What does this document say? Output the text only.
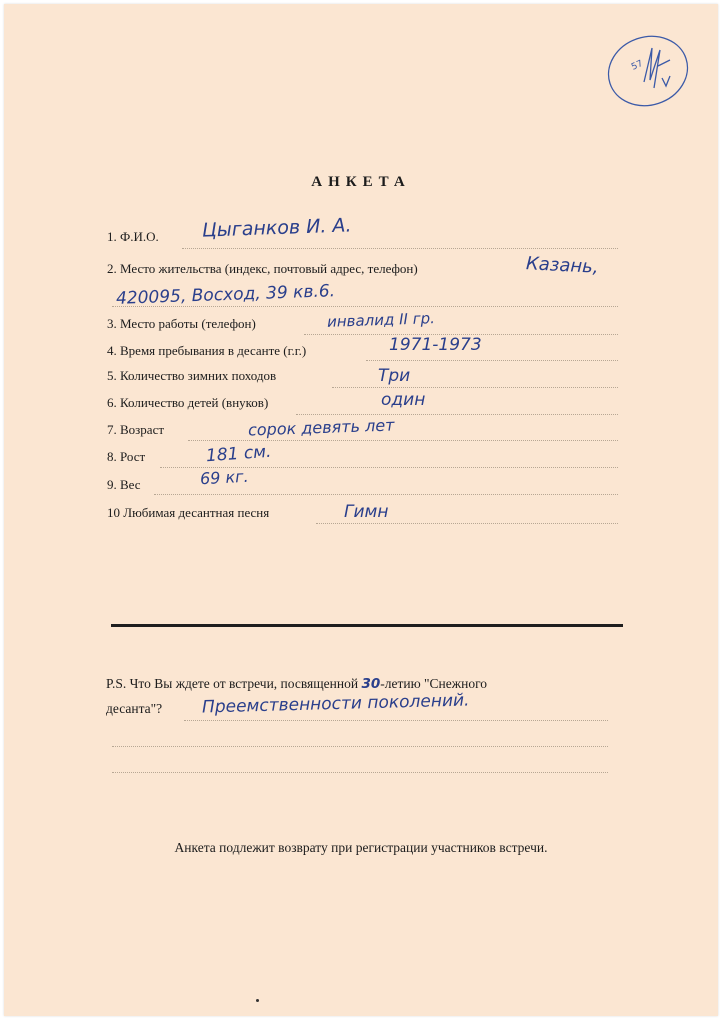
57
АНКЕТА
1. Ф.И.О. Цыганков И. А.
2. Место жительства (индекс, почтовый адрес, телефон)	Казань,
420095, Восход, 39 кв.6.
3. Место работы (телефон)	инвалид II гр.
4. Время пребывания в десанте (г.г.)	1971-1973
5. Количество зимних походов	Три
6. Количество детей (внуков)	один
7. Возраст	сорок девять лет
8. Рост	181 см.
9. Вес	69 кг.
10 Любимая десантная песня	Гимн
P.S. Что Вы ждете от встречи, посвященной 30-летию "Снежного
десанта"? Преемственности поколений.
Анкета подлежит возврату при регистрации участников встречи.
